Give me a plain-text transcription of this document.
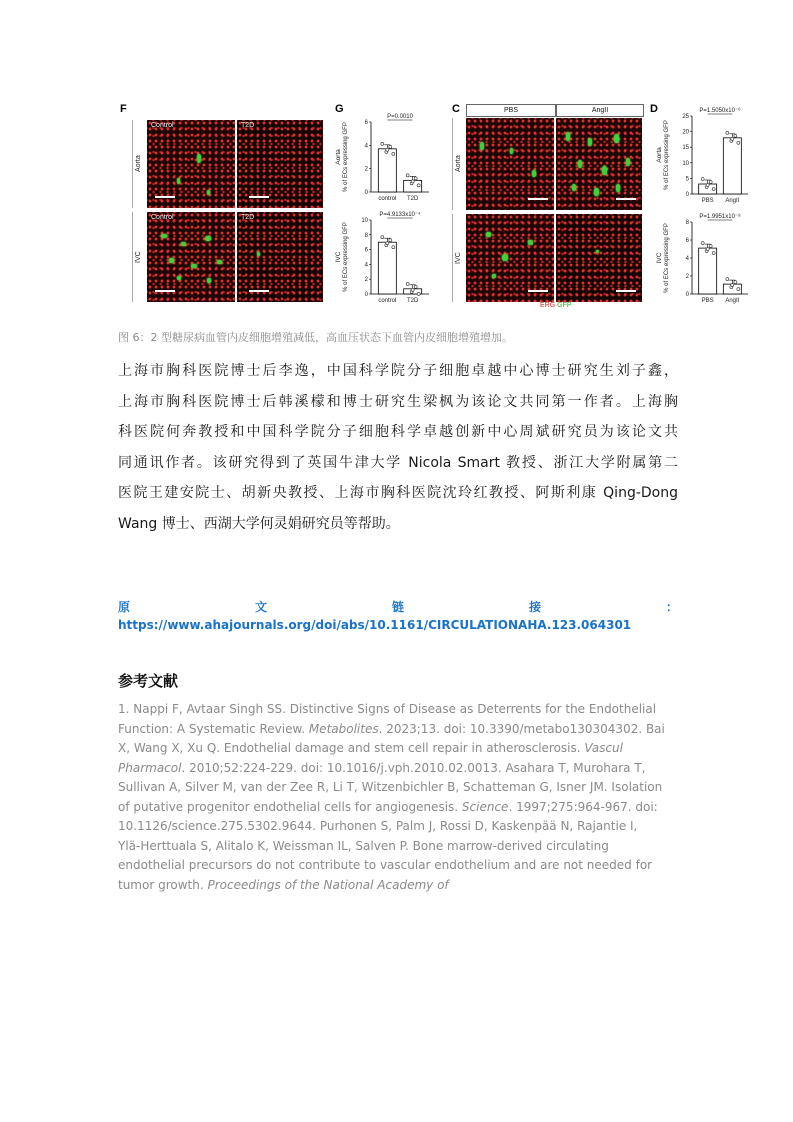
F
Aorta
IVC
Control	T2D
Control	T2D
G
% of ECs expressing GFP
Aorta
0
2
4
6
control T2D
P=0.0010
% of ECs expressing GFP
IVC
0
2
4
6
8
10
control T2D
P=4.9133x10⁻⁴
C	PBS	AngII
Aorta
IVC
ERG GFP
D
% of ECs expressing GFP
Aorta
0
5
10
15
20
25
PBS AngII
P=1.5050x10⁻⁶
% of ECs expressing GFP
IVC
0
2
4
6
8
PBS AngII
P=1.9951x10⁻⁸
图 6：2 型糖尿病血管内皮细胞增殖减低，高血压状态下血管内皮细胞增殖增加。

上海市胸科医院博士后李逸，中国科学院分子细胞卓越中心博士研究生刘子鑫，

上海市胸科医院博士后韩溪檬和博士研究生梁枫为该论文共同第一作者。上海胸

科医院何奔教授和中国科学院分子细胞科学卓越创新中心周斌研究员为该论文共

同通讯作者。该研究得到了英国牛津大学 Nicola Smart 教授、浙江大学附属第二

医院王建安院士、胡新央教授、上海市胸科医院沈玲红教授、阿斯利康 Qing-Dong

Wang 博士、西湖大学何灵娟研究员等帮助。

原	文	链	接	：
https://www.ahajournals.org/doi/abs/10.1161/CIRCULATIONAHA.123.064301
参考文献

1. Nappi F, Avtaar Singh SS. Distinctive Signs of Disease as Deterrents for the Endothelial

Function: A Systematic Review. Metabolites. 2023;13. doi: 10.3390/metabo130304302. Bai

X, Wang X, Xu Q. Endothelial damage and stem cell repair in atherosclerosis. Vascul

Pharmacol. 2010;52:224-229. doi: 10.1016/j.vph.2010.02.0013. Asahara T, Murohara T,

Sullivan A, Silver M, van der Zee R, Li T, Witzenbichler B, Schatteman G, Isner JM. Isolation

of putative progenitor endothelial cells for angiogenesis. Science. 1997;275:964-967. doi:

10.1126/science.275.5302.9644. Purhonen S, Palm J, Rossi D, Kaskenpää N, Rajantie I,

Ylä-Herttuala S, Alitalo K, Weissman IL, Salven P. Bone marrow-derived circulating

endothelial precursors do not contribute to vascular endothelium and are not needed for

tumor growth. Proceedings of the National Academy of
